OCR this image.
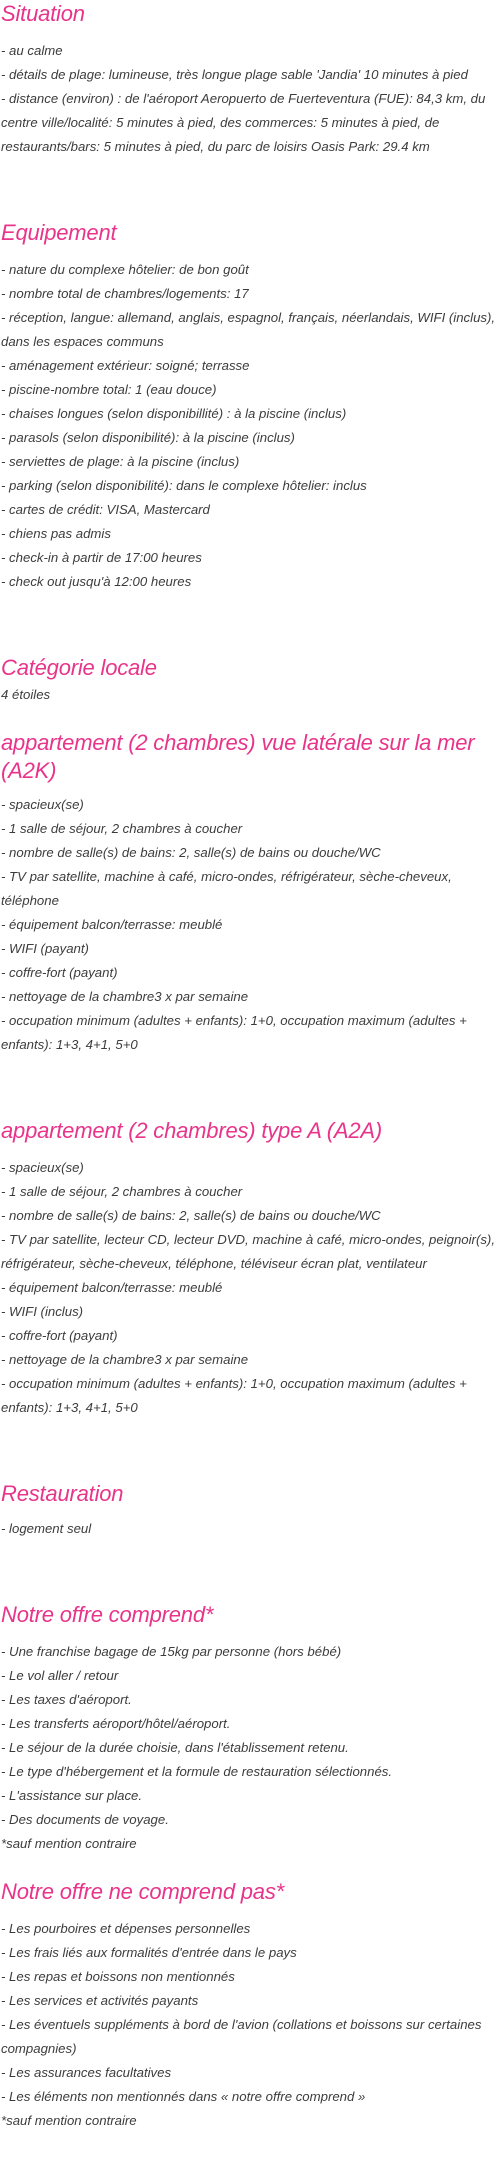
Situation
- au calme
- détails de plage: lumineuse, très longue plage sable 'Jandia' 10 minutes à pied
- distance (environ) : de l'aéroport Aeropuerto de Fuerteventura (FUE): 84,3 km, du centre ville/localité: 5 minutes à pied, des commerces: 5 minutes à pied, de restaurants/bars: 5 minutes à pied, du parc de loisirs Oasis Park: 29.4 km
Equipement
- nature du complexe hôtelier: de bon goût
- nombre total de chambres/logements: 17
- réception, langue: allemand, anglais, espagnol, français, néerlandais, WIFI (inclus), dans les espaces communs
- aménagement extérieur: soigné; terrasse
- piscine-nombre total: 1 (eau douce)
- chaises longues (selon disponibillité) : à la piscine (inclus)
- parasols (selon disponibilité): à la piscine (inclus)
- serviettes de plage: à la piscine (inclus)
- parking (selon disponibilité): dans le complexe hôtelier: inclus
- cartes de crédit: VISA, Mastercard
- chiens pas admis
- check-in à partir de 17:00 heures
- check out jusqu'à 12:00 heures
Catégorie locale

4 étoiles

appartement (2 chambres) vue latérale sur la mer (A2K)
- spacieux(se)
- 1 salle de séjour, 2 chambres à coucher
- nombre de salle(s) de bains: 2, salle(s) de bains ou douche/WC
- TV par satellite, machine à café, micro-ondes, réfrigérateur, sèche-cheveux, téléphone
- équipement balcon/terrasse: meublé
- WIFI (payant)
- coffre-fort (payant)
- nettoyage de la chambre3 x par semaine
- occupation minimum (adultes + enfants): 1+0, occupation maximum (adultes + enfants): 1+3, 4+1, 5+0
appartement (2 chambres) type A (A2A)
- spacieux(se)
- 1 salle de séjour, 2 chambres à coucher
- nombre de salle(s) de bains: 2, salle(s) de bains ou douche/WC
- TV par satellite, lecteur CD, lecteur DVD, machine à café, micro-ondes, peignoir(s), réfrigérateur, sèche-cheveux, téléphone, téléviseur écran plat, ventilateur
- équipement balcon/terrasse: meublé
- WIFI (inclus)
- coffre-fort (payant)
- nettoyage de la chambre3 x par semaine
- occupation minimum (adultes + enfants): 1+0, occupation maximum (adultes + enfants): 1+3, 4+1, 5+0
Restauration
- logement seul
Notre offre comprend*
- Une franchise bagage de 15kg par personne (hors bébé)
- Le vol aller / retour
- Les taxes d'aéroport.
- Les transferts aéroport/hôtel/aéroport.
- Le séjour de la durée choisie, dans l'établissement retenu.
- Le type d'hébergement et la formule de restauration sélectionnés.
- L'assistance sur place.
- Des documents de voyage.
*sauf mention contraire
Notre offre ne comprend pas*
- Les pourboires et dépenses personnelles
- Les frais liés aux formalités d'entrée dans le pays
- Les repas et boissons non mentionnés
- Les services et activités payants
- Les éventuels suppléments à bord de l'avion (collations et boissons sur certaines compagnies)
- Les assurances facultatives
- Les éléments non mentionnés dans « notre offre comprend »
*sauf mention contraire
